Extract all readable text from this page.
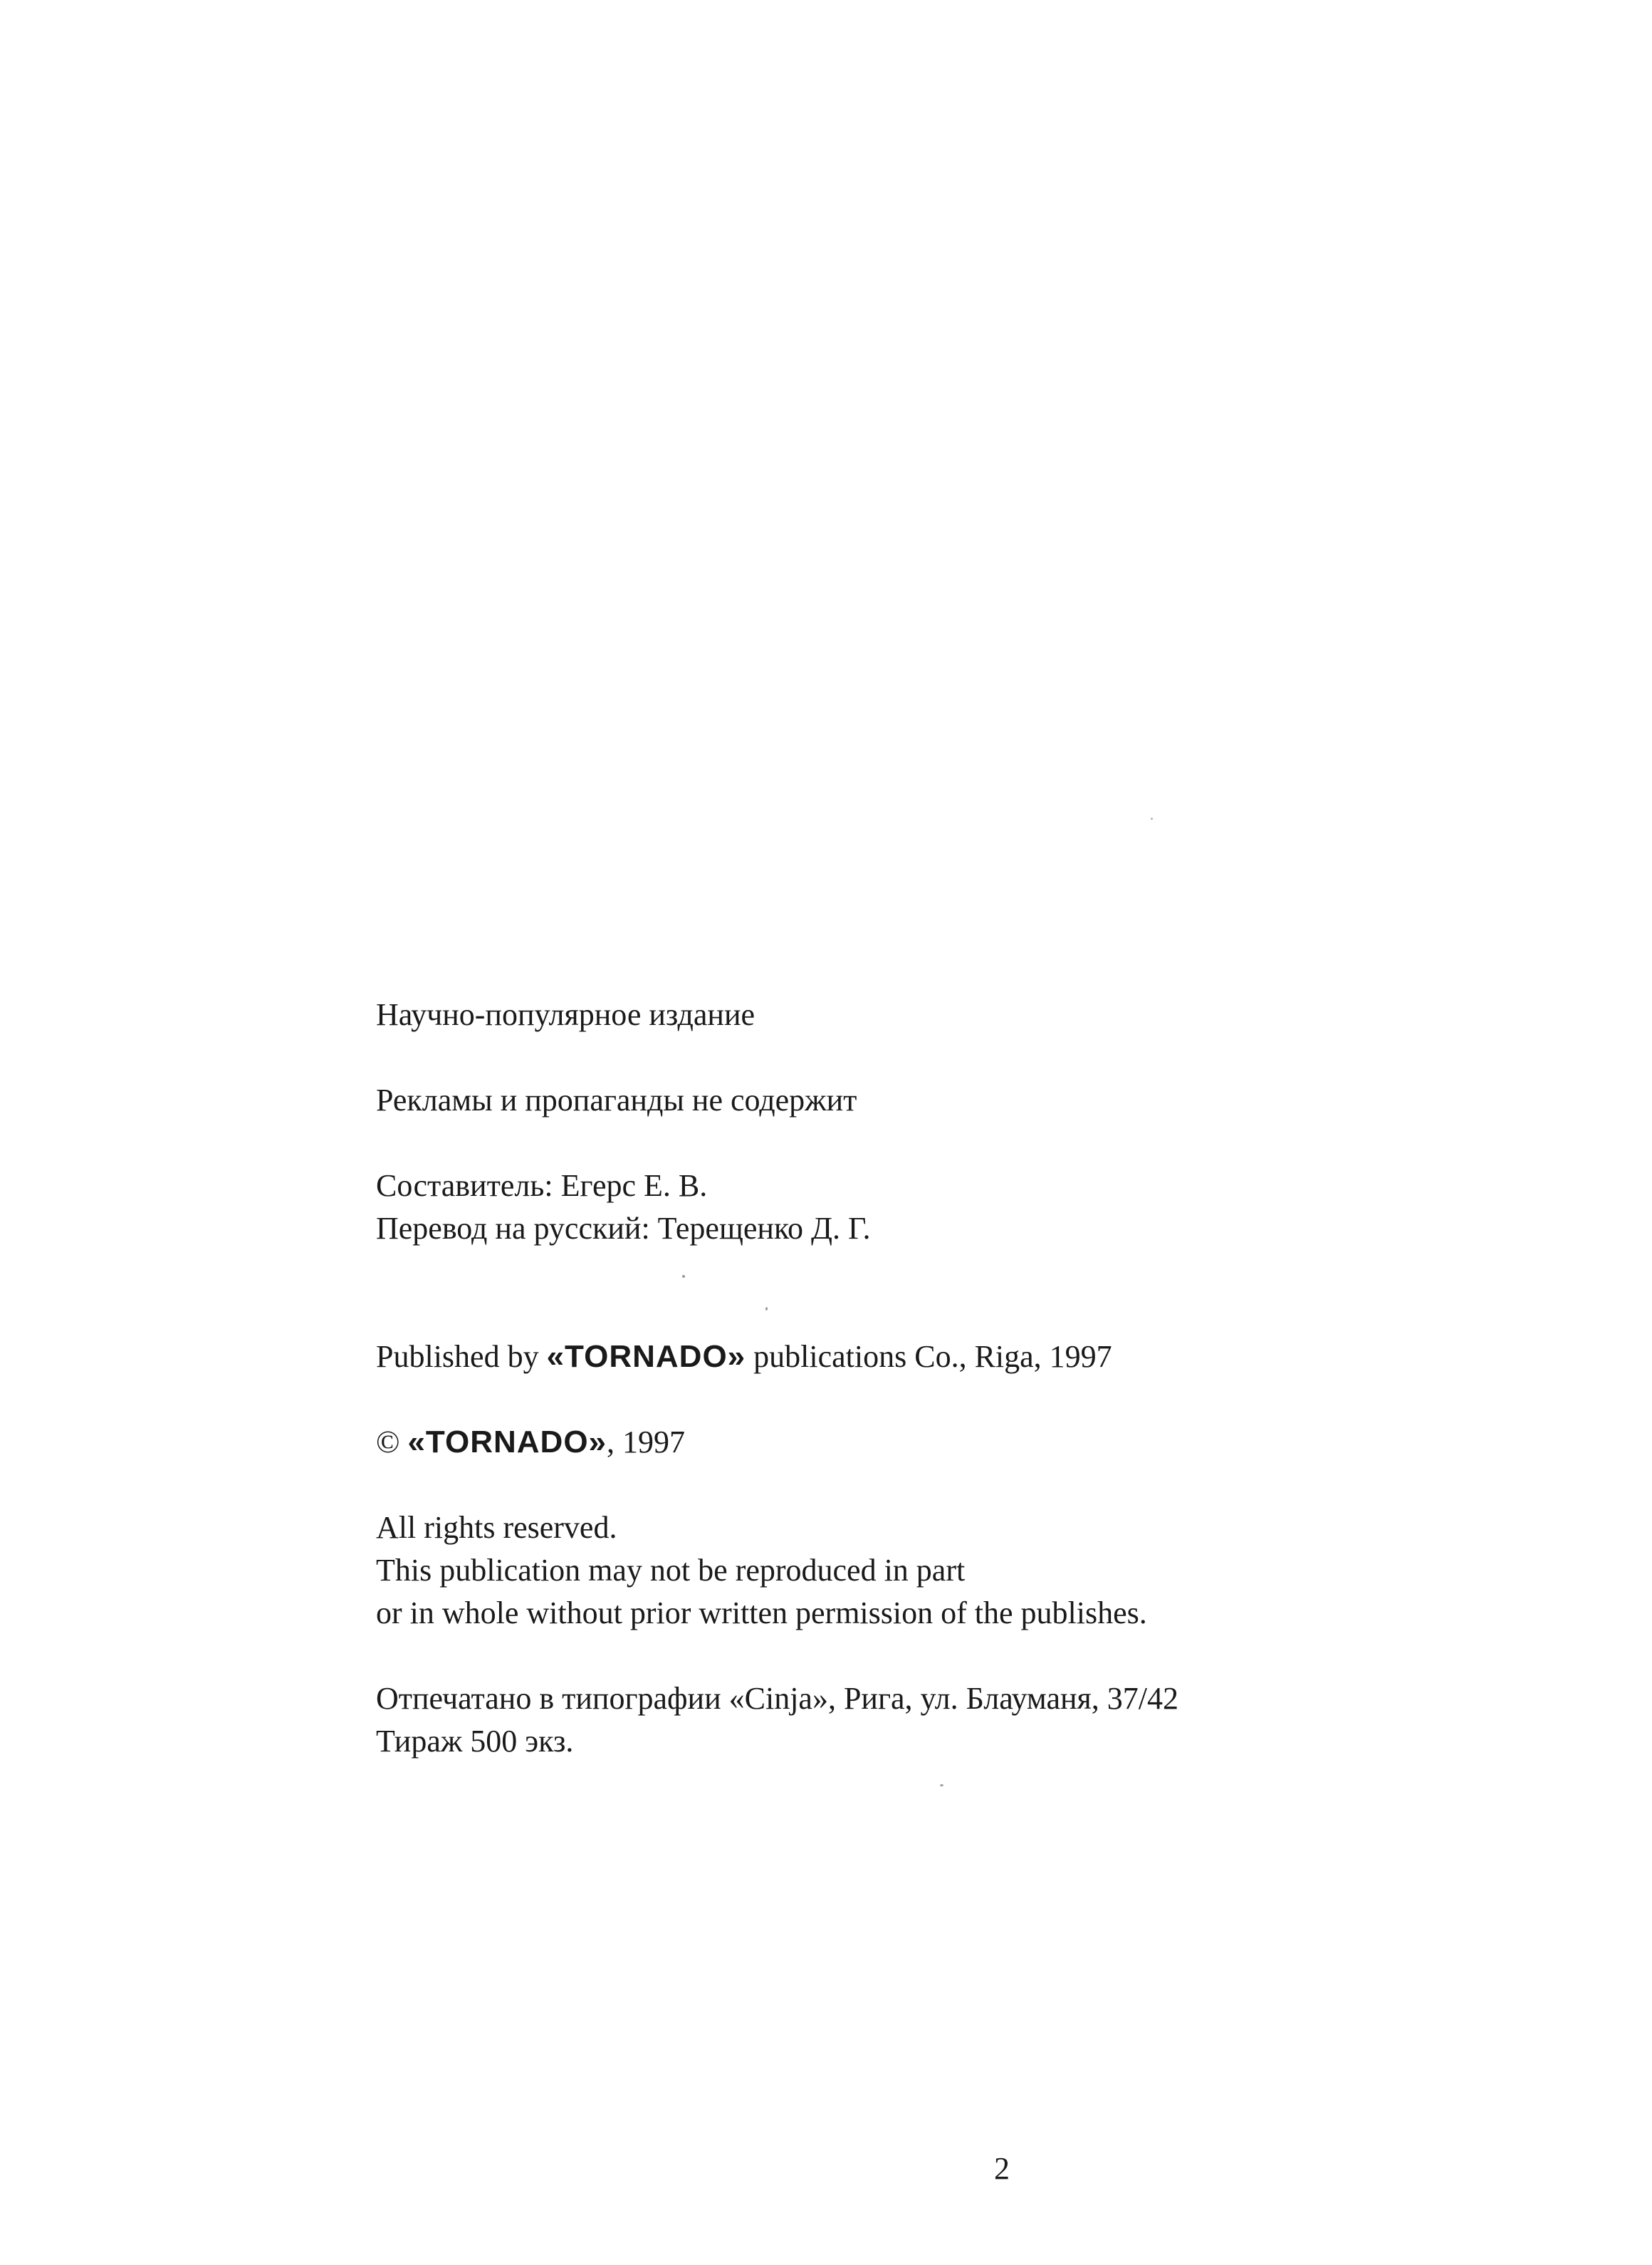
Научно-популярное издание
Рекламы и пропаганды не содержит
Составитель: Егерс Е. В.
Перевод на русский: Терещенко Д. Г.
Published by «TORNADO» publications Co., Riga, 1997
© «TORNADO», 1997
All rights reserved.
This publication may not be reproduced in part
or in whole without prior written permission of the publishes.
Отпечатано в типографии «Cinja», Рига, ул. Блауманя, 37/42
Тираж 500 экз.
2
